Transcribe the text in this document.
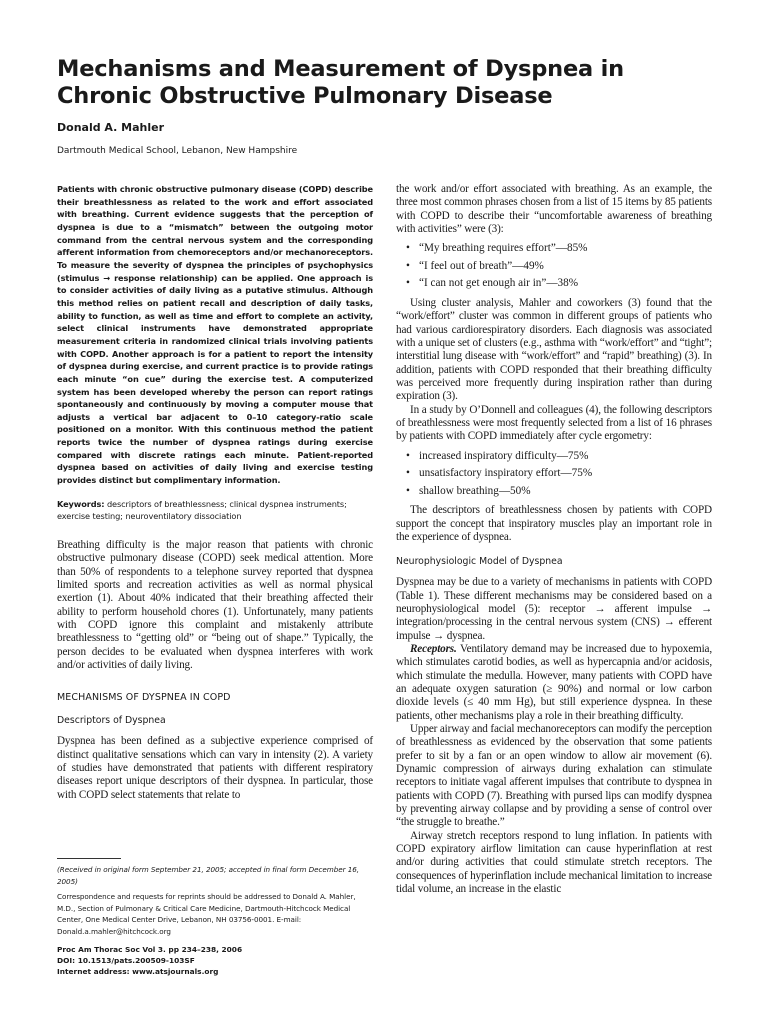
Mechanisms and Measurement of Dyspnea in
Chronic Obstructive Pulmonary Disease
Donald A. Mahler
Dartmouth Medical School, Lebanon, New Hampshire

Patients with chronic obstructive pulmonary disease (COPD) describe their breathlessness as related to the work and effort associated with breathing. Current evidence suggests that the perception of dyspnea is due to a “mismatch” between the outgoing motor command from the central nervous system and the corresponding afferent information from chemoreceptors and/or mechanoreceptors. To measure the severity of dyspnea the principles of psychophysics (stimulus → response relationship) can be applied. One approach is to consider activities of daily living as a putative stimulus. Although this method relies on patient recall and description of daily tasks, ability to function, as well as time and effort to complete an activity, select clinical instruments have demonstrated appropriate measurement criteria in randomized clinical trials involving patients with COPD. Another approach is for a patient to report the intensity of dyspnea during exercise, and current practice is to provide ratings each minute “on cue” during the exercise test. A computerized system has been developed whereby the person can report ratings spontaneously and continuously by moving a computer mouse that adjusts a vertical bar adjacent to 0–10 category-ratio scale positioned on a monitor. With this continuous method the patient reports twice the number of dyspnea ratings during exercise compared with discrete ratings each minute. Patient-reported dyspnea based on activities of daily living and exercise testing provides distinct but complimentary information.

Keywords: descriptors of breathlessness; clinical dyspnea instruments; exercise testing; neuroventilatory dissociation

Breathing difficulty is the major reason that patients with chronic obstructive pulmonary disease (COPD) seek medical attention. More than 50% of respondents to a telephone survey reported that dyspnea limited sports and recreation activities as well as normal physical exertion (1). About 40% indicated that their breathing affected their ability to perform household chores (1). Unfortunately, many patients with COPD ignore this complaint and mistakenly attribute breathlessness to “getting old” or “being out of shape.” Typically, the person decides to be evaluated when dyspnea interferes with work and/or activities of daily living.

MECHANISMS OF DYSPNEA IN COPD
Descriptors of Dyspnea

Dyspnea has been defined as a subjective experience comprised of distinct qualitative sensations which can vary in intensity (2). A variety of studies have demonstrated that patients with different respiratory diseases report unique descriptors of their dyspnea. In particular, those with COPD select statements that relate to

(Received in original form September 21, 2005; accepted in final form December 16, 2005)

Correspondence and requests for reprints should be addressed to Donald A. Mahler, M.D., Section of Pulmonary & Critical Care Medicine, Dartmouth-Hitchcock Medical Center, One Medical Center Drive, Lebanon, NH 03756-0001. E-mail: Donald.a.mahler@hitchcock.org

Proc Am Thorac Soc Vol 3. pp 234–238, 2006
DOI: 10.1513/pats.200509-103SF
Internet address: www.atsjournals.org

the work and/or effort associated with breathing. As an example, the three most common phrases chosen from a list of 15 items by 85 patients with COPD to describe their “uncomfortable awareness of breathing with activities” were (3):

• “My breathing requires effort”—85%
• “I feel out of breath”—49%
• “I can not get enough air in”—38%

Using cluster analysis, Mahler and coworkers (3) found that the “work/effort” cluster was common in different groups of patients who had various cardiorespiratory disorders. Each diagnosis was associated with a unique set of clusters (e.g., asthma with “work/effort” and “tight”; interstitial lung disease with “work/effort” and “rapid” breathing) (3). In addition, patients with COPD responded that their breathing difficulty was perceived more frequently during inspiration rather than during expiration (3).

In a study by O’Donnell and colleagues (4), the following descriptors of breathlessness were most frequently selected from a list of 16 phrases by patients with COPD immediately after cycle ergometry:

• increased inspiratory difficulty—75%
• unsatisfactory inspiratory effort—75%
• shallow breathing—50%

The descriptors of breathlessness chosen by patients with COPD support the concept that inspiratory muscles play an important role in the experience of dyspnea.

Neurophysiologic Model of Dyspnea

Dyspnea may be due to a variety of mechanisms in patients with COPD (Table 1). These different mechanisms may be considered based on a neurophysiological model (5): receptor → afferent impulse → integration/processing in the central nervous system (CNS) → efferent impulse → dyspnea.

Receptors. Ventilatory demand may be increased due to hypoxemia, which stimulates carotid bodies, as well as hypercapnia and/or acidosis, which stimulate the medulla. However, many patients with COPD have an adequate oxygen saturation (≥ 90%) and normal or low carbon dioxide levels (≤ 40 mm Hg), but still experience dyspnea. In these patients, other mechanisms play a role in their breathing difficulty.

Upper airway and facial mechanoreceptors can modify the perception of breathlessness as evidenced by the observation that some patients prefer to sit by a fan or an open window to allow air movement (6). Dynamic compression of airways during exhalation can stimulate receptors to initiate vagal afferent impulses that contribute to dyspnea in patients with COPD (7). Breathing with pursed lips can modify dyspnea by preventing airway collapse and by providing a sense of control over “the struggle to breathe.”

Airway stretch receptors respond to lung inflation. In patients with COPD expiratory airflow limitation can cause hyperinflation at rest and/or during activities that could stimulate stretch receptors. The consequences of hyperinflation include mechanical limitation to increase tidal volume, an increase in the elastic
